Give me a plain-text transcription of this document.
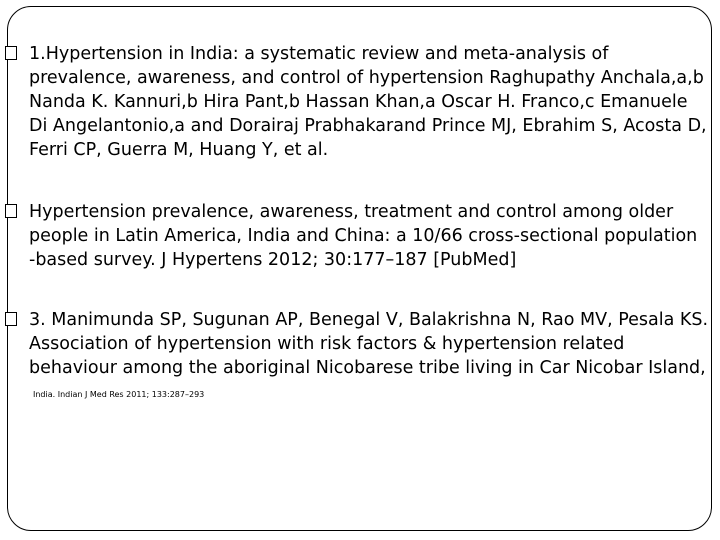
1.Hypertension in India: a systematic review and meta-analysis of prevalence, awareness, and control of hypertension Raghupathy Anchala,a,b Nanda K. Kannuri,b Hira Pant,b Hassan Khan,a Oscar H. Franco,c Emanuele Di Angelantonio,a and Dorairaj Prabhakarand Prince MJ, Ebrahim S, Acosta D, Ferri CP, Guerra M, Huang Y, et al.
Hypertension prevalence, awareness, treatment and control among older people in Latin America, India and China: a 10/66 cross-sectional population -based survey. J Hypertens 2012; 30:177–187 [PubMed]
3. Manimunda SP, Sugunan AP, Benegal V, Balakrishna N, Rao MV, Pesala KS. Association of hypertension with risk factors & hypertension related behaviour among the aboriginal Nicobarese tribe living in Car Nicobar Island, India. Indian J Med Res 2011; 133:287–293
